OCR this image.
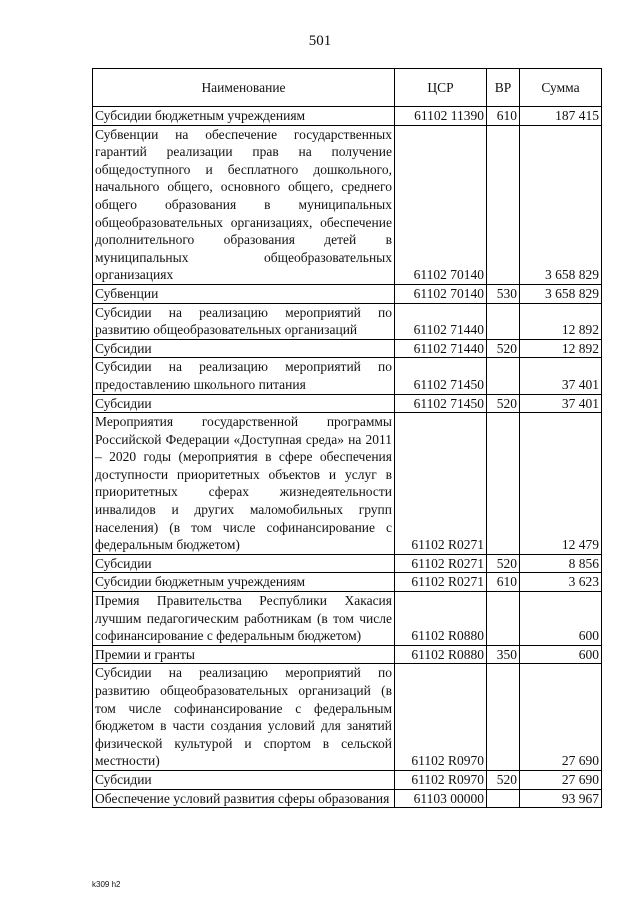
501
Наименование	ЦСР	ВР	Сумма
Субсидии бюджетным учреждениям	61102 11390	610	187 415
Субвенции на обеспечение государственных гарантий реализации прав на получение общедоступного и бесплатного дошкольного, начального общего, основного общего, среднего общего образования в муниципальных общеобразовательных организациях, обеспечение дополнительного образования детей в муниципальных общеобразовательных организациях	61102 70140		3 658 829
Субвенции	61102 70140	530	3 658 829
Субсидии на реализацию мероприятий по развитию общеобразовательных организаций	61102 71440		12 892
Субсидии	61102 71440	520	12 892
Субсидии на реализацию мероприятий по предоставлению школьного питания	61102 71450		37 401
Субсидии	61102 71450	520	37 401
Мероприятия государственной программы Российской Федерации «Доступная среда» на 2011 – 2020 годы (мероприятия в сфере обеспечения доступности приоритетных объектов и услуг в приоритетных сферах жизнедеятельности инвалидов и других маломобильных групп населения) (в том числе софинансирование с федеральным бюджетом)	61102 R0271		12 479
Субсидии	61102 R0271	520	8 856
Субсидии бюджетным учреждениям	61102 R0271	610	3 623
Премия Правительства Республики Хакасия лучшим педагогическим работникам (в том числе софинансирование с федеральным бюджетом)	61102 R0880		600
Премии и гранты	61102 R0880	350	600
Субсидии на реализацию мероприятий по развитию общеобразовательных организаций (в том числе софинансирование с федеральным бюджетом в части создания условий для занятий физической культурой и спортом в сельской местности)	61102 R0970		27 690
Субсидии	61102 R0970	520	27 690
Обеспечение условий развития сферы образования	61103 00000		93 967
k309 h2
